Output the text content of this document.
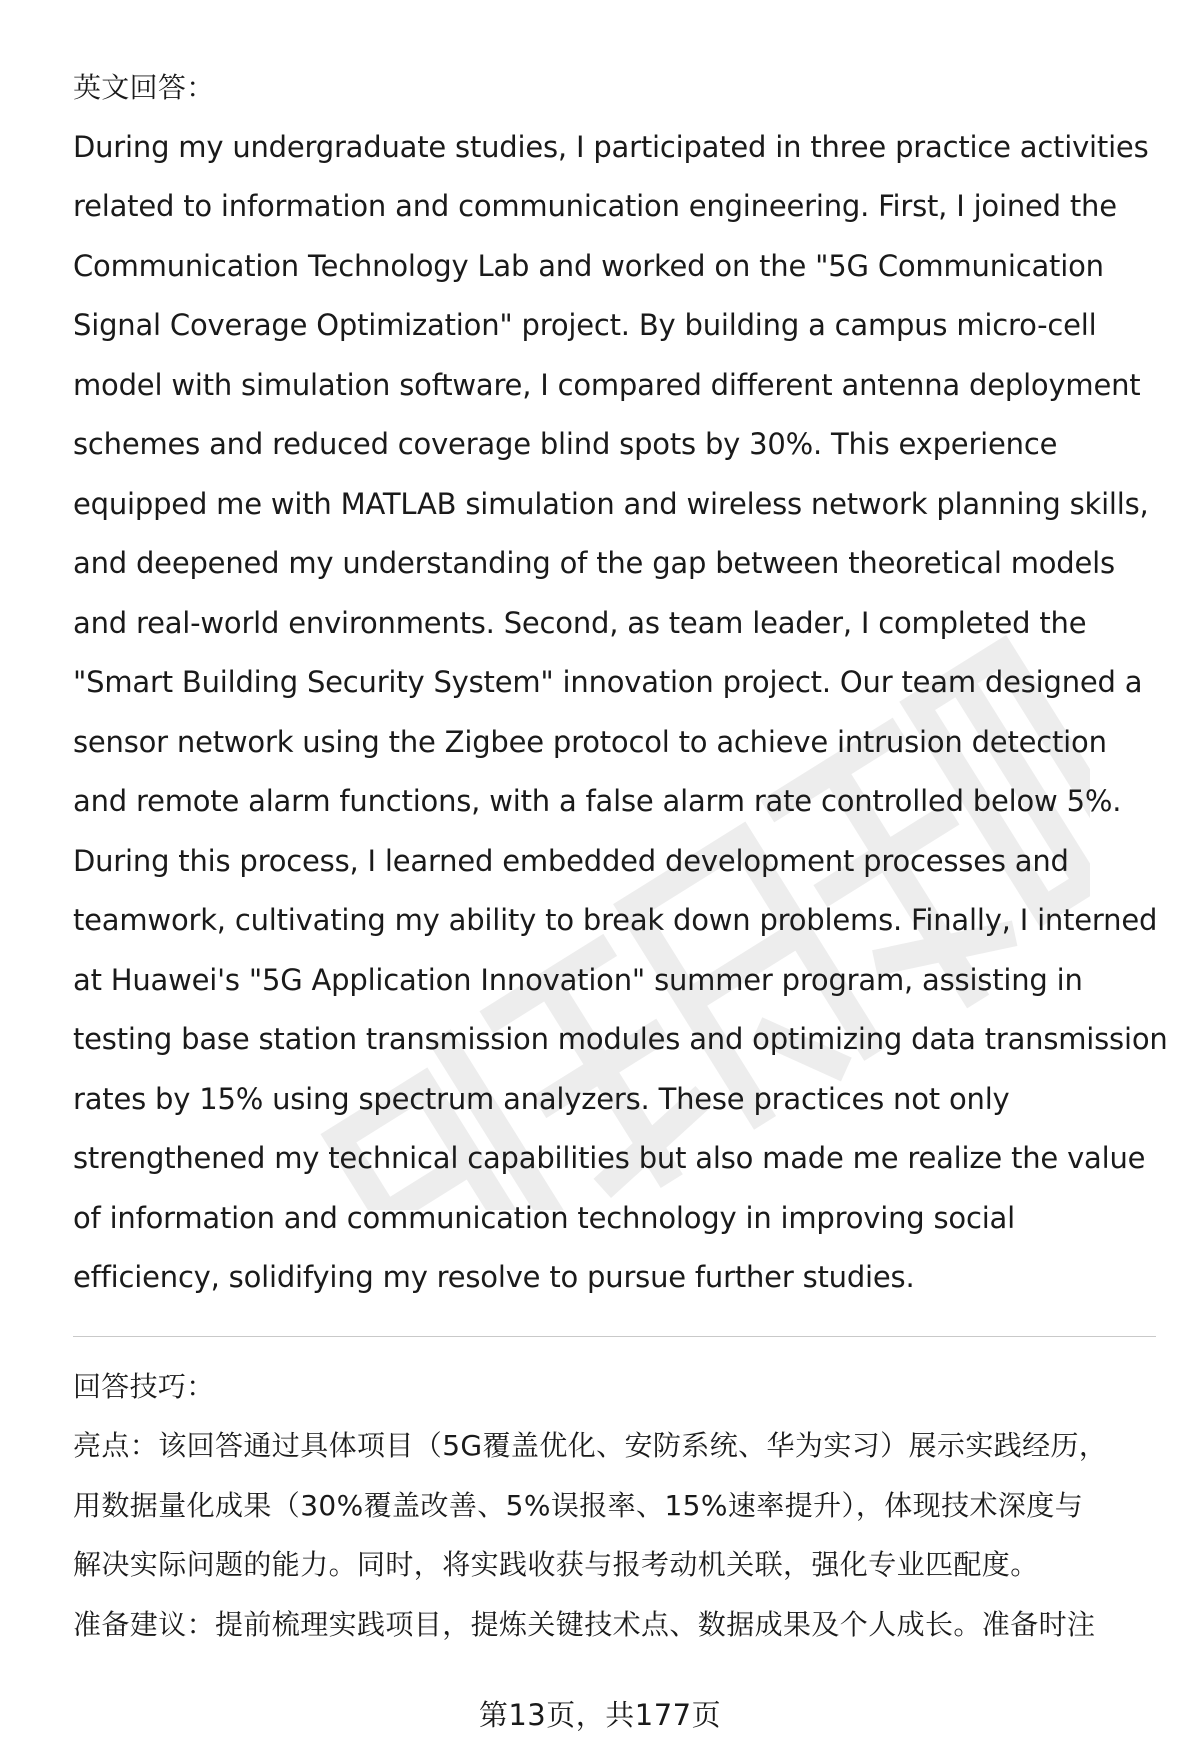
英文回答：

During my undergraduate studies, I participated in three practice activities

related to information and communication engineering. First, I joined the

Communication Technology Lab and worked on the "5G Communication

Signal Coverage Optimization" project. By building a campus micro-cell

model with simulation software, I compared different antenna deployment

schemes and reduced coverage blind spots by 30%. This experience

equipped me with MATLAB simulation and wireless network planning skills,

and deepened my understanding of the gap between theoretical models

and real-world environments. Second, as team leader, I completed the

"Smart Building Security System" innovation project. Our team designed a

sensor network using the Zigbee protocol to achieve intrusion detection

and remote alarm functions, with a false alarm rate controlled below 5%.

During this process, I learned embedded development processes and

teamwork, cultivating my ability to break down problems. Finally, I interned

at Huawei's "5G Application Innovation" summer program, assisting in

testing base station transmission modules and optimizing data transmission

rates by 15% using spectrum analyzers. These practices not only

strengthened my technical capabilities but also made me realize the value

of information and communication technology in improving social

efficiency, solidifying my resolve to pursue further studies.

回答技巧：

亮点：该回答通过具体项目（5G覆盖优化、安防系统、华为实习）展示实践经历，

用数据量化成果（30%覆盖改善、5%误报率、15%速率提升），体现技术深度与

解决实际问题的能力。同时，将实践收获与报考动机关联，强化专业匹配度。

准备建议：提前梳理实践项目，提炼关键技术点、数据成果及个人成长。准备时注

第13页，共177页
